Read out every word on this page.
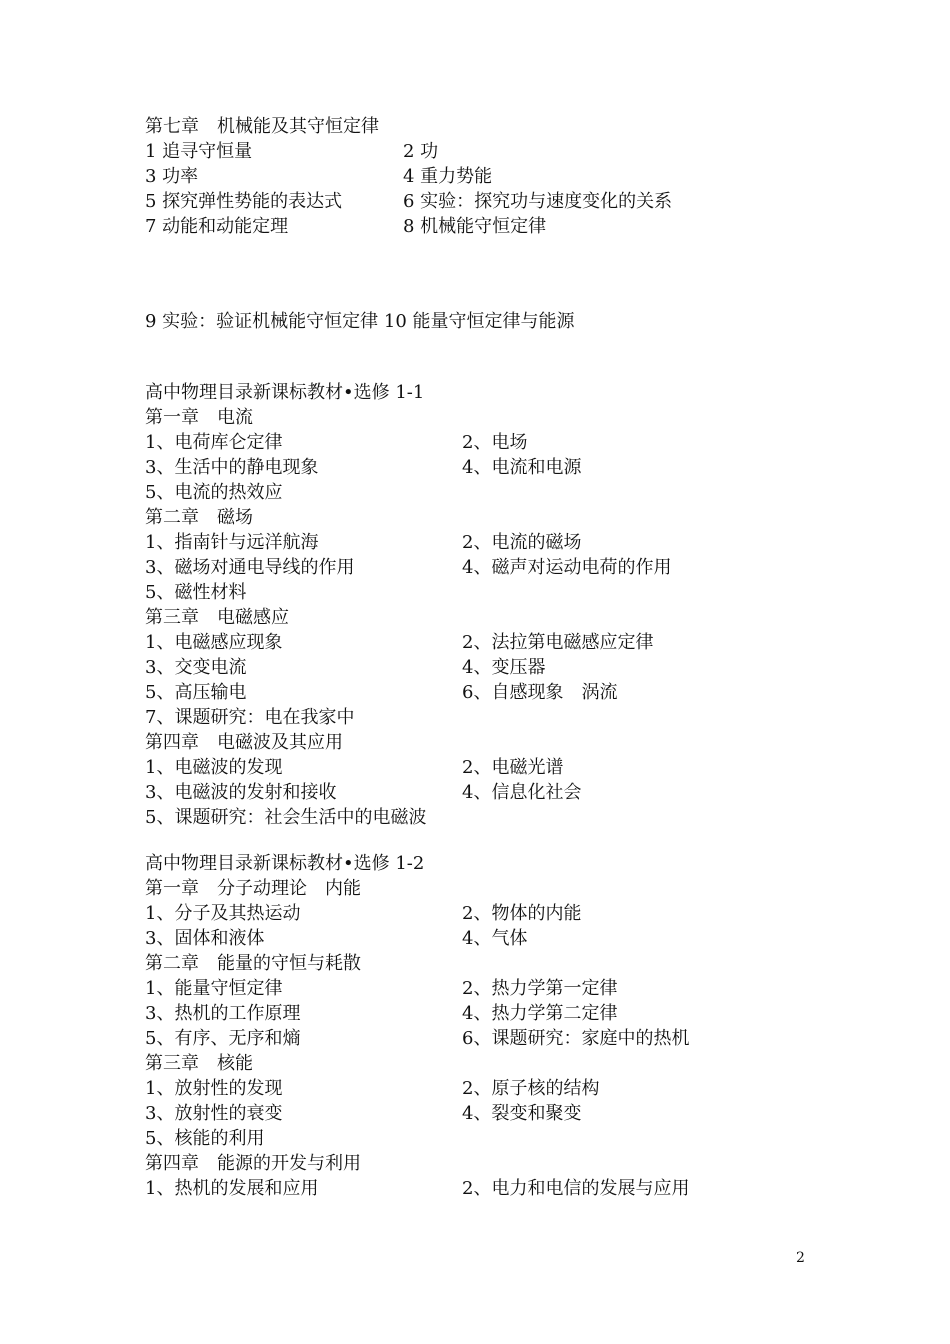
第七章　机械能及其守恒定律
1 追寻守恒量	2 功
3 功率	4 重力势能
5 探究弹性势能的表达式	6 实验：探究功与速度变化的关系
7 动能和动能定理	8 机械能守恒定律
9 实验：验证机械能守恒定律 10 能量守恒定律与能源
高中物理目录新课标教材•选修 1-1
第一章　电流
1、电荷库仑定律	2、电场
3、生活中的静电现象	4、电流和电源
5、电流的热效应
第二章　磁场
1、指南针与远洋航海	2、电流的磁场
3、磁场对通电导线的作用	4、磁声对运动电荷的作用
5、磁性材料
第三章　电磁感应
1、电磁感应现象	2、法拉第电磁感应定律
3、交变电流	4、变压器
5、高压输电	6、自感现象　涡流
7、课题研究：电在我家中
第四章　电磁波及其应用
1、电磁波的发现	2、电磁光谱
3、电磁波的发射和接收	4、信息化社会
5、课题研究：社会生活中的电磁波
高中物理目录新课标教材•选修 1-2
第一章　分子动理论　内能
1、分子及其热运动	2、物体的内能
3、固体和液体	4、气体
第二章　能量的守恒与耗散
1、能量守恒定律	2、热力学第一定律
3、热机的工作原理	4、热力学第二定律
5、有序、无序和熵	6、课题研究：家庭中的热机
第三章　核能
1、放射性的发现	2、原子核的结构
3、放射性的衰变	4、裂变和聚变
5、核能的利用
第四章　能源的开发与利用
1、热机的发展和应用	2、电力和电信的发展与应用
2
